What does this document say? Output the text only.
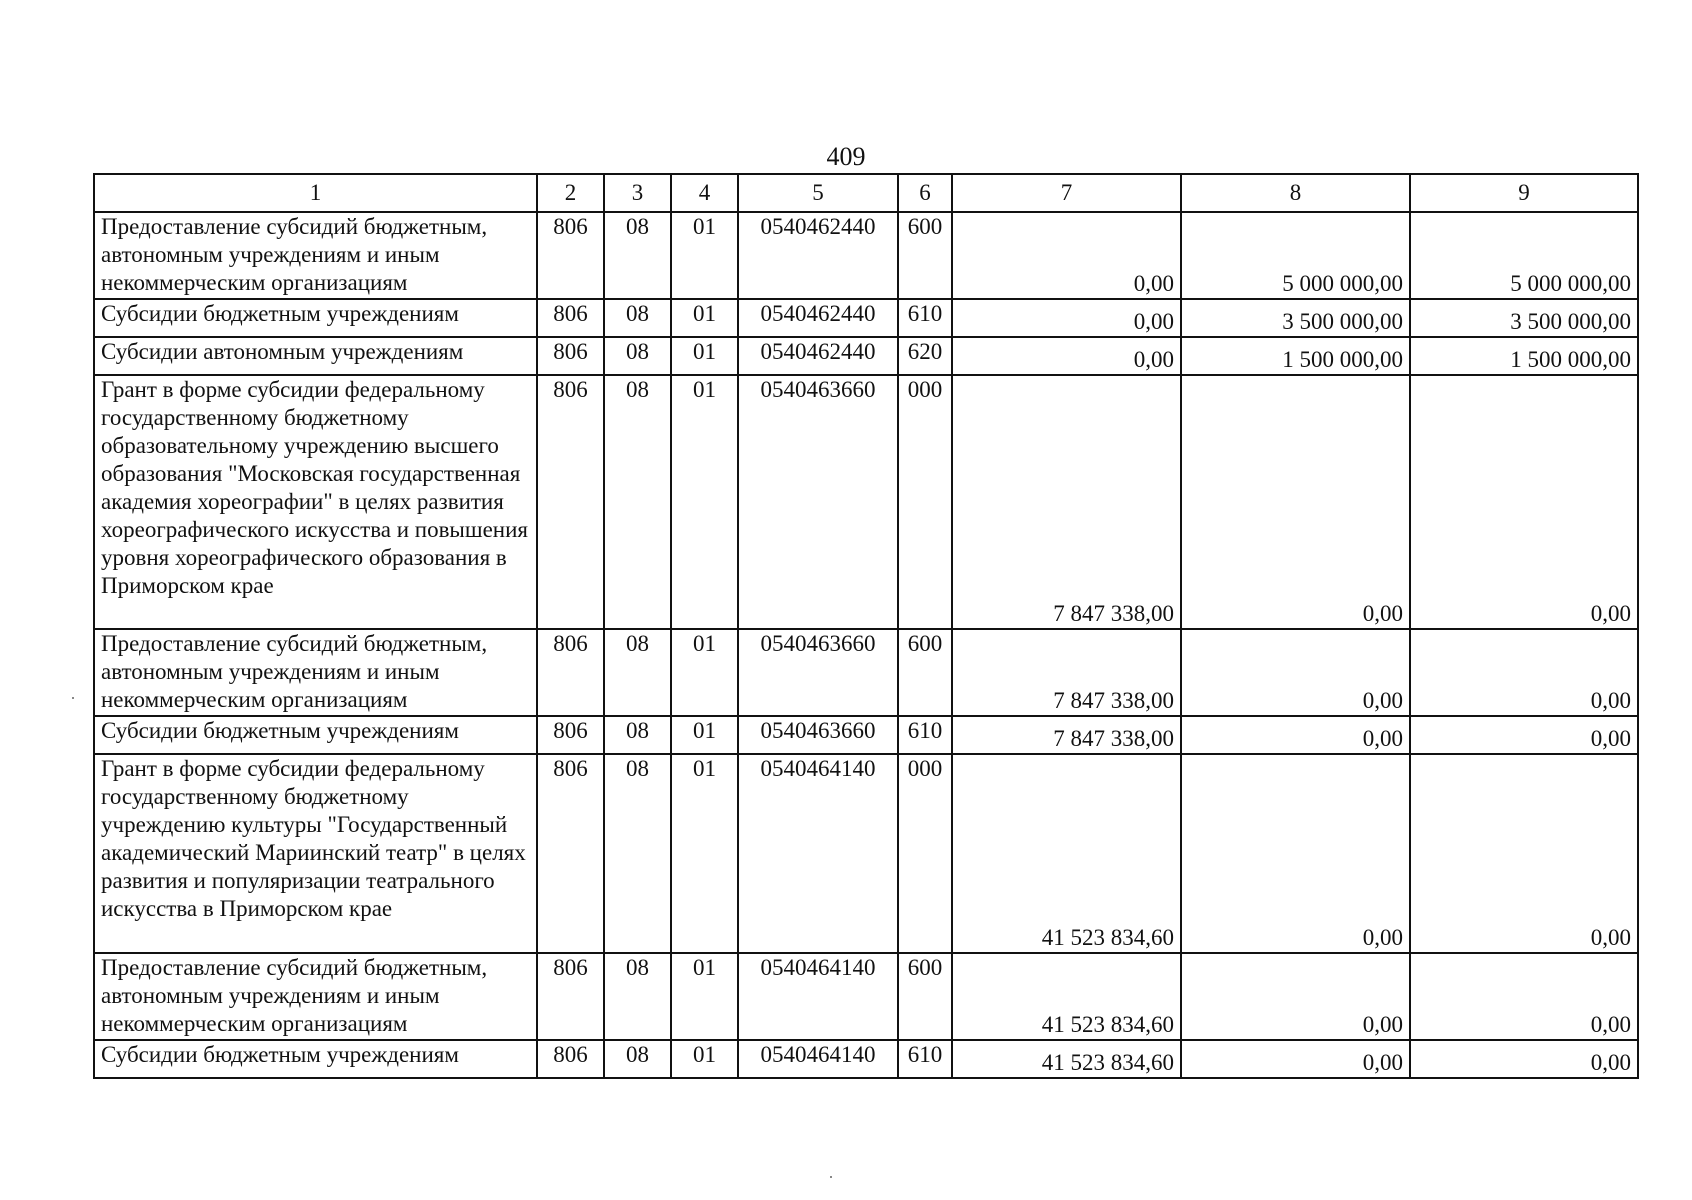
409
1	2	3	4	5	6	7	8	9
Предоставление субсидий бюджетным, автономным учреждениям и иным некоммерческим организациям	806	08	01	0540462440	600	0,00	5 000 000,00	5 000 000,00
Субсидии бюджетным учреждениям	806	08	01	0540462440	610	0,00	3 500 000,00	3 500 000,00
Субсидии автономным учреждениям	806	08	01	0540462440	620	0,00	1 500 000,00	1 500 000,00
Грант в форме субсидии федеральному государственному бюджетному образовательному учреждению высшего образования "Московская государственная академия хореографии" в целях развития хореографического искусства и повышения уровня хореографического образования в Приморском крае	806	08	01	0540463660	000	7 847 338,00	0,00	0,00
Предоставление субсидий бюджетным, автономным учреждениям и иным некоммерческим организациям	806	08	01	0540463660	600	7 847 338,00	0,00	0,00
Субсидии бюджетным учреждениям	806	08	01	0540463660	610	7 847 338,00	0,00	0,00
Грант в форме субсидии федеральному государственному бюджетному учреждению культуры "Государственный академический Мариинский театр" в целях развития и популяризации театрального искусства в Приморском крае	806	08	01	0540464140	000	41 523 834,60	0,00	0,00
Предоставление субсидий бюджетным, автономным учреждениям и иным некоммерческим организациям	806	08	01	0540464140	600	41 523 834,60	0,00	0,00
Субсидии бюджетным учреждениям	806	08	01	0540464140	610	41 523 834,60	0,00	0,00
